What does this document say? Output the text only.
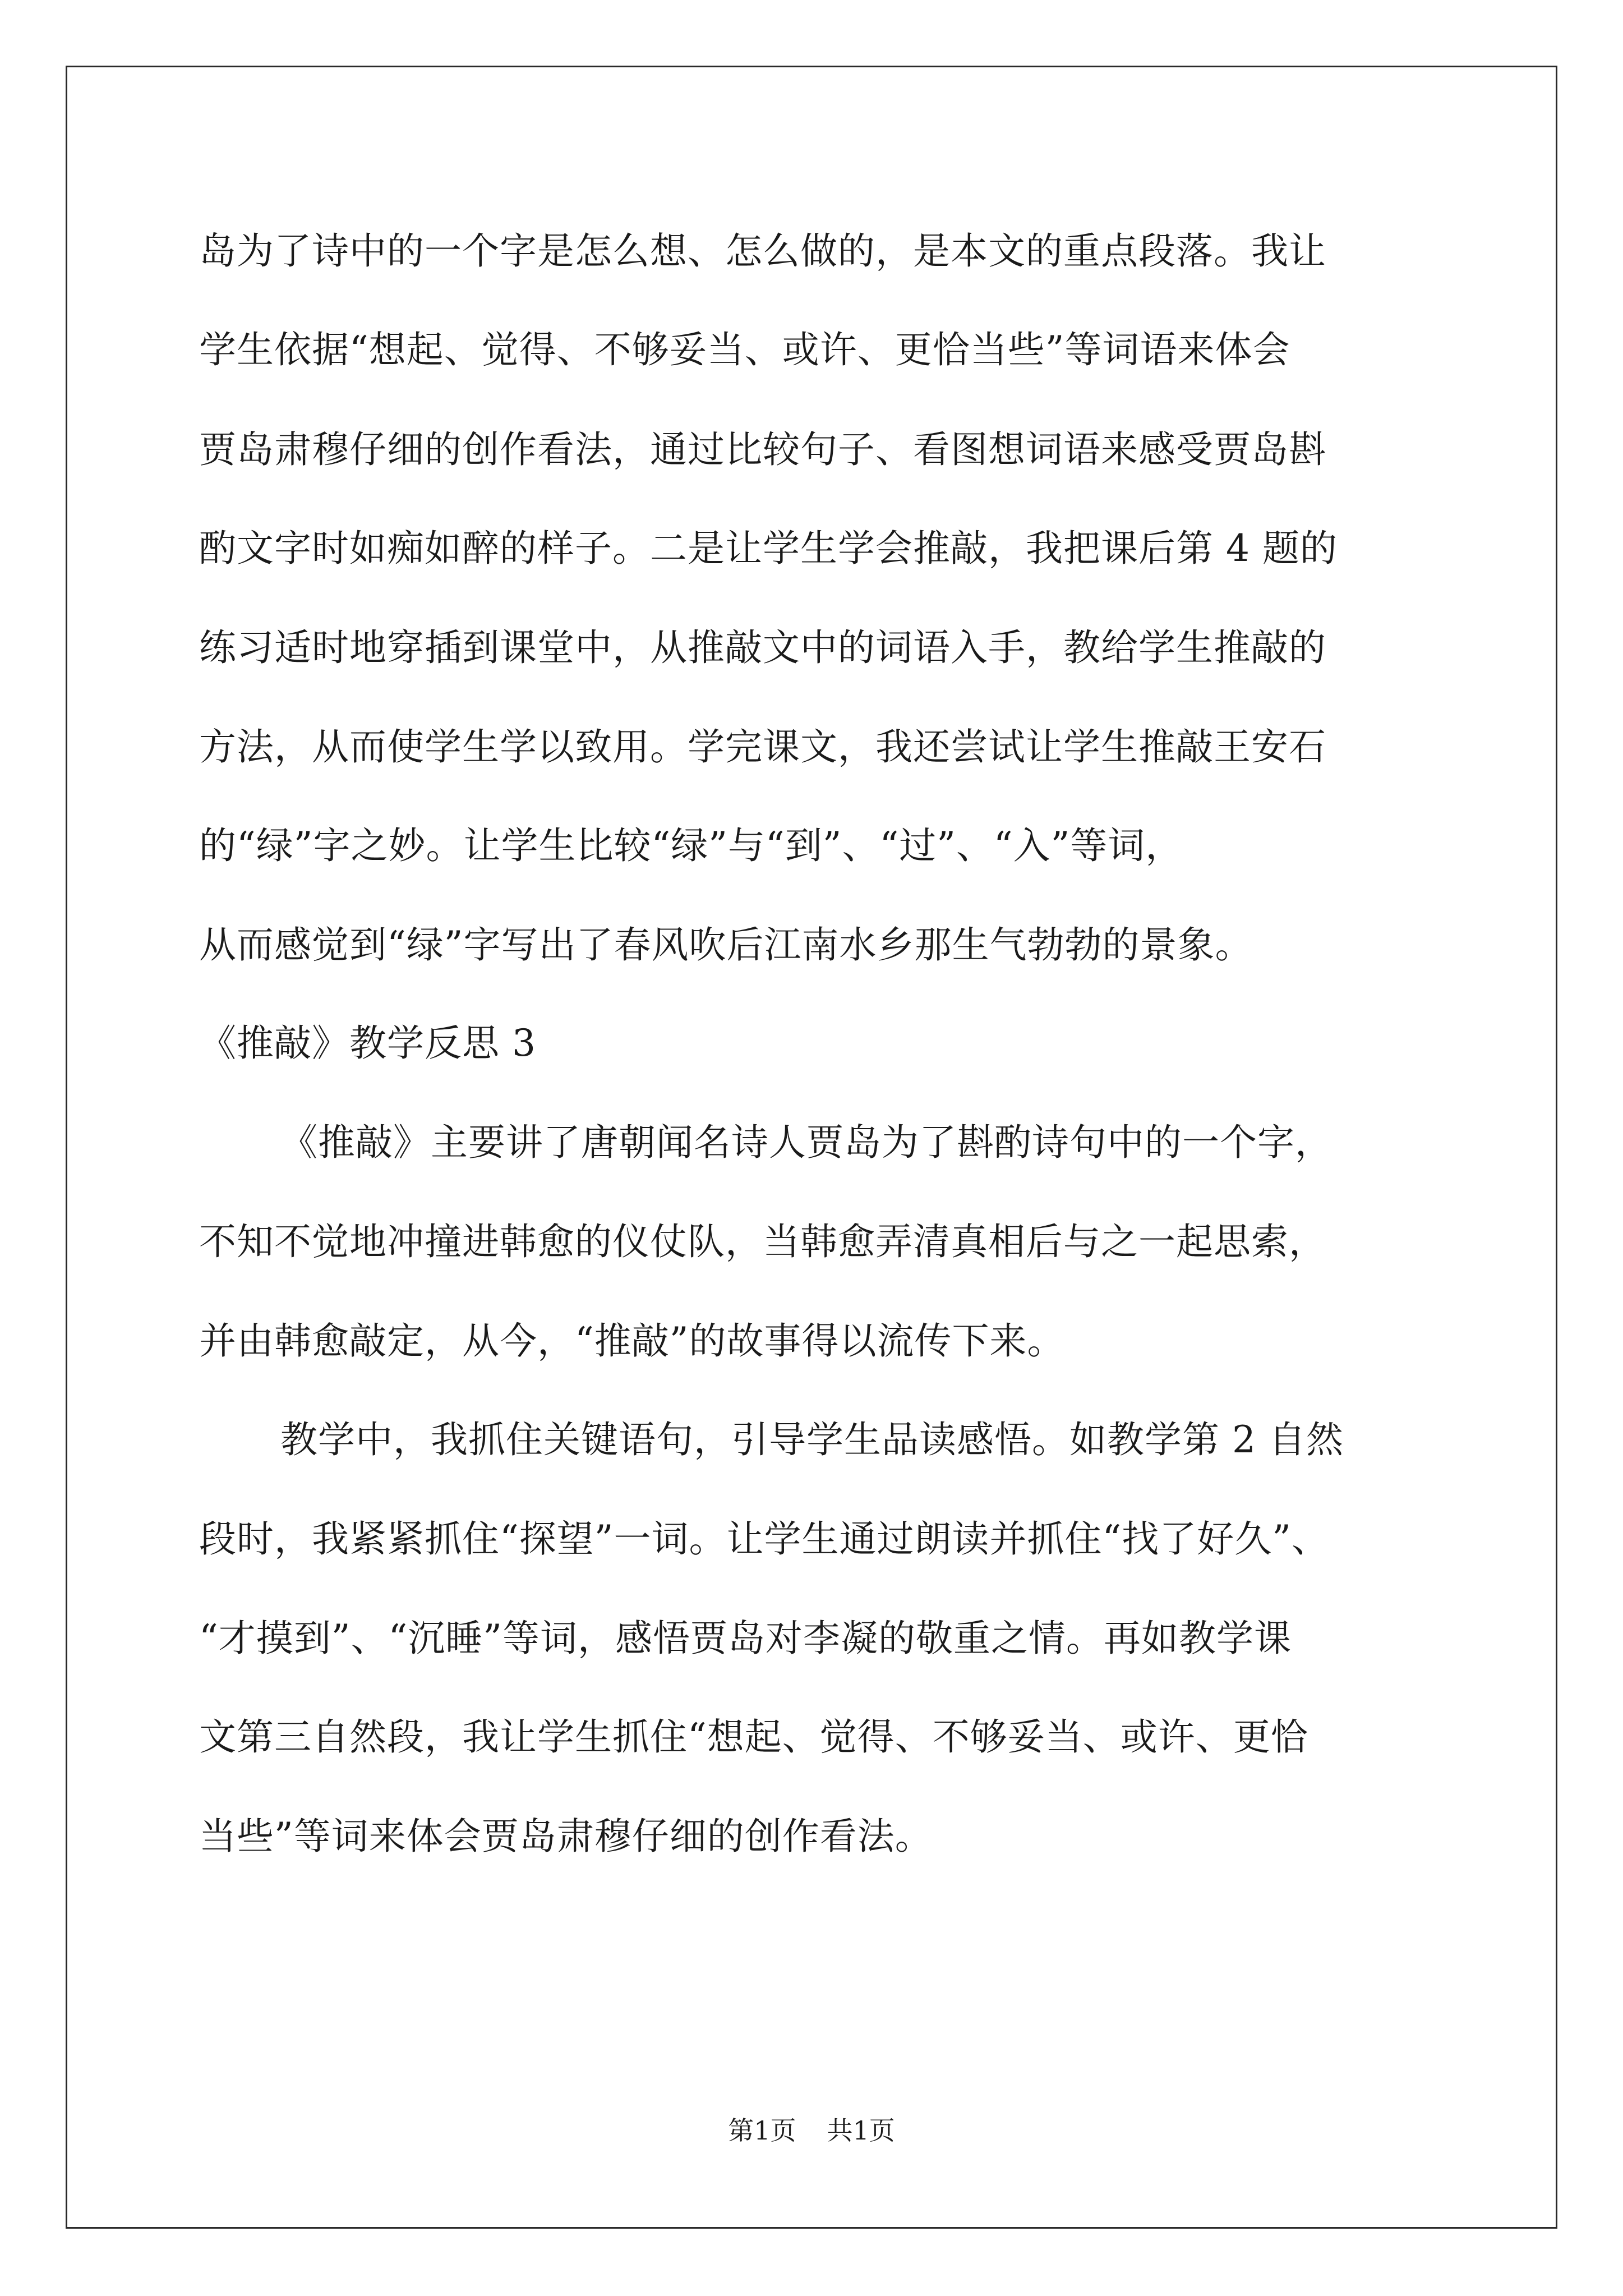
岛为了诗中的一个字是怎么想、怎么做的，是本文的重点段落。我让
学生依据“想起、觉得、不够妥当、或许、更恰当些”等词语来体会
贾岛肃穆仔细的创作看法，通过比较句子、看图想词语来感受贾岛斟
酌文字时如痴如醉的样子。二是让学生学会推敲，我把课后第 4 题的
练习适时地穿插到课堂中，从推敲文中的词语入手，教给学生推敲的
方法，从而使学生学以致用。学完课文，我还尝试让学生推敲王安石
的“绿”字之妙。让学生比较“绿”与“到”、“过”、“入”等词，
从而感觉到“绿”字写出了春风吹后江南水乡那生气勃勃的景象。
《推敲》教学反思 3
《推敲》主要讲了唐朝闻名诗人贾岛为了斟酌诗句中的一个字，
不知不觉地冲撞进韩愈的仪仗队，当韩愈弄清真相后与之一起思索，
并由韩愈敲定，从今，“推敲”的故事得以流传下来。
教学中，我抓住关键语句，引导学生品读感悟。如教学第 2 自然
段时，我紧紧抓住“探望”一词。让学生通过朗读并抓住“找了好久”、
“才摸到”、“沉睡”等词，感悟贾岛对李凝的敬重之情。再如教学课
文第三自然段，我让学生抓住“想起、觉得、不够妥当、或许、更恰
当些”等词来体会贾岛肃穆仔细的创作看法。
第1页 共1页
